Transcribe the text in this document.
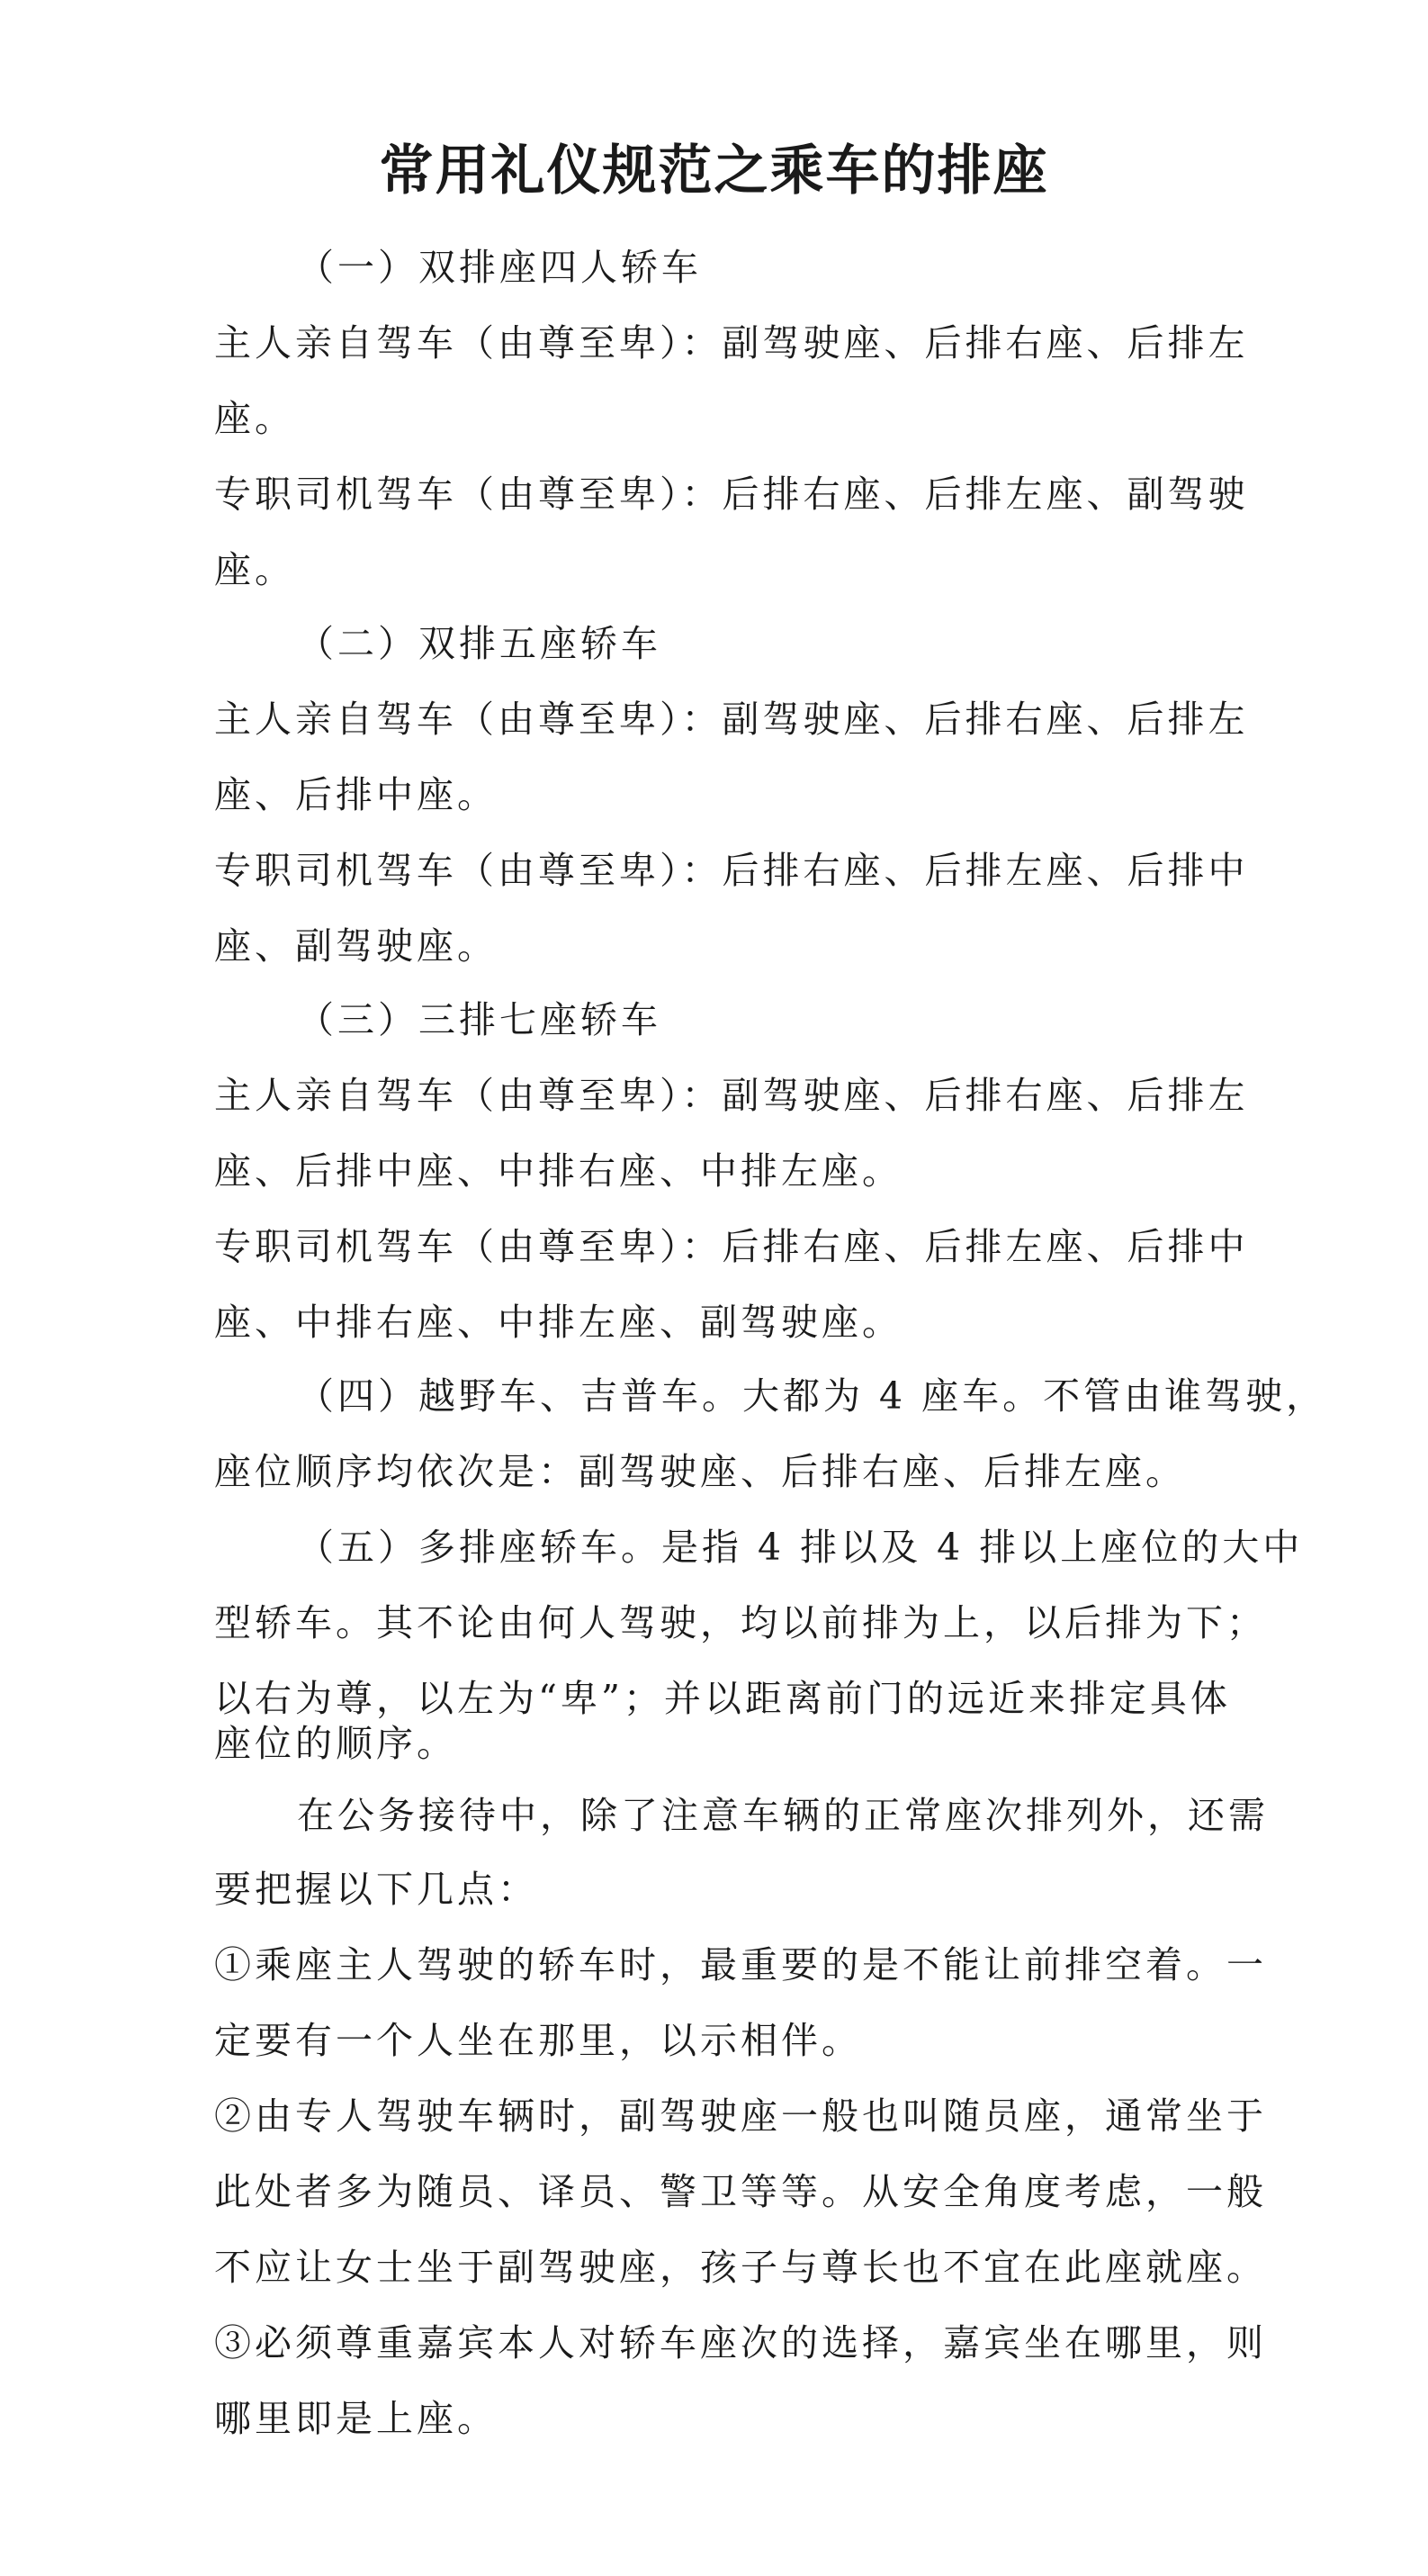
常用礼仪规范之乘车的排座

（一）双排座四人轿车

主人亲自驾车（由尊至卑）：副驾驶座、后排右座、后排左

座。

专职司机驾车（由尊至卑）：后排右座、后排左座、副驾驶

座。

（二）双排五座轿车

主人亲自驾车（由尊至卑）：副驾驶座、后排右座、后排左

座、后排中座。

专职司机驾车（由尊至卑）：后排右座、后排左座、后排中

座、副驾驶座。

（三）三排七座轿车

主人亲自驾车（由尊至卑）：副驾驶座、后排右座、后排左

座、后排中座、中排右座、中排左座。

专职司机驾车（由尊至卑）：后排右座、后排左座、后排中

座、中排右座、中排左座、副驾驶座。

（四）越野车、吉普车。大都为 4 座车。不管由谁驾驶，

座位顺序均依次是：副驾驶座、后排右座、后排左座。

（五）多排座轿车。是指 4 排以及 4 排以上座位的大中

型轿车。其不论由何人驾驶，均以前排为上，以后排为下；

以右为尊，以左为“卑”；并以距离前门的远近来排定具体

座位的顺序。

在公务接待中，除了注意车辆的正常座次排列外，还需

要把握以下几点：

①乘座主人驾驶的轿车时，最重要的是不能让前排空着。一

定要有一个人坐在那里，以示相伴。

②由专人驾驶车辆时，副驾驶座一般也叫随员座，通常坐于

此处者多为随员、译员、警卫等等。从安全角度考虑，一般

不应让女士坐于副驾驶座，孩子与尊长也不宜在此座就座。

③必须尊重嘉宾本人对轿车座次的选择，嘉宾坐在哪里，则

哪里即是上座。
